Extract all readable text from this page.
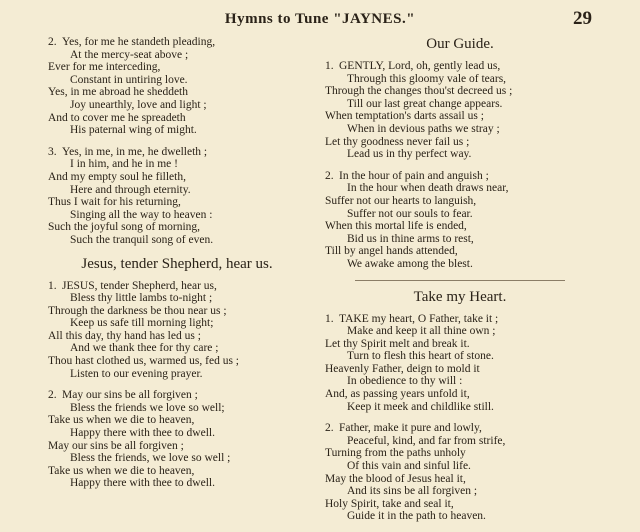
Hymns to Tune "JAYNES."	29
2. Yes, for me he standeth pleading,
At the mercy-seat above ;
Ever for me interceding,
Constant in untiring love.
Yes, in me abroad he sheddeth
Joy unearthly, love and light ;
And to cover me he spreadeth
His paternal wing of might.
3. Yes, in me, in me, he dwelleth ;
I in him, and he in me !
And my empty soul he filleth,
Here and through eternity.
Thus I wait for his returning,
Singing all the way to heaven :
Such the joyful song of morning,
Such the tranquil song of even.
Jesus, tender Shepherd, hear us.
1. JESUS, tender Shepherd, hear us,
Bless thy little lambs to-night ;
Through the darkness be thou near us ;
Keep us safe till morning light;
All this day, thy hand has led us ;
And we thank thee for thy care ;
Thou hast clothed us, warmed us, fed us ;
Listen to our evening prayer.
2. May our sins be all forgiven ;
Bless the friends we love so well;
Take us when we die to heaven,
Happy there with thee to dwell.
May our sins be all forgiven ;
Bless the friends, we love so well ;
Take us when we die to heaven,
Happy there with thee to dwell.
Our Guide.
1. GENTLY, Lord, oh, gently lead us,
Through this gloomy vale of tears,
Through the changes thou'st decreed us ;
Till our last great change appears.
When temptation's darts assail us ;
When in devious paths we stray ;
Let thy goodness never fail us ;
Lead us in thy perfect way.
2. In the hour of pain and anguish ;
In the hour when death draws near,
Suffer not our hearts to languish,
Suffer not our souls to fear.
When this mortal life is ended,
Bid us in thine arms to rest,
Till by angel hands attended,
We awake among the blest.
Take my Heart.
1. TAKE my heart, O Father, take it ;
Make and keep it all thine own ;
Let thy Spirit melt and break it.
Turn to flesh this heart of stone.
Heavenly Father, deign to mold it
In obedience to thy will :
And, as passing years unfold it,
Keep it meek and childlike still.
2. Father, make it pure and lowly,
Peaceful, kind, and far from strife,
Turning from the paths unholy
Of this vain and sinful life.
May the blood of Jesus heal it,
And its sins be all forgiven ;
Holy Spirit, take and seal it,
Guide it in the path to heaven.
